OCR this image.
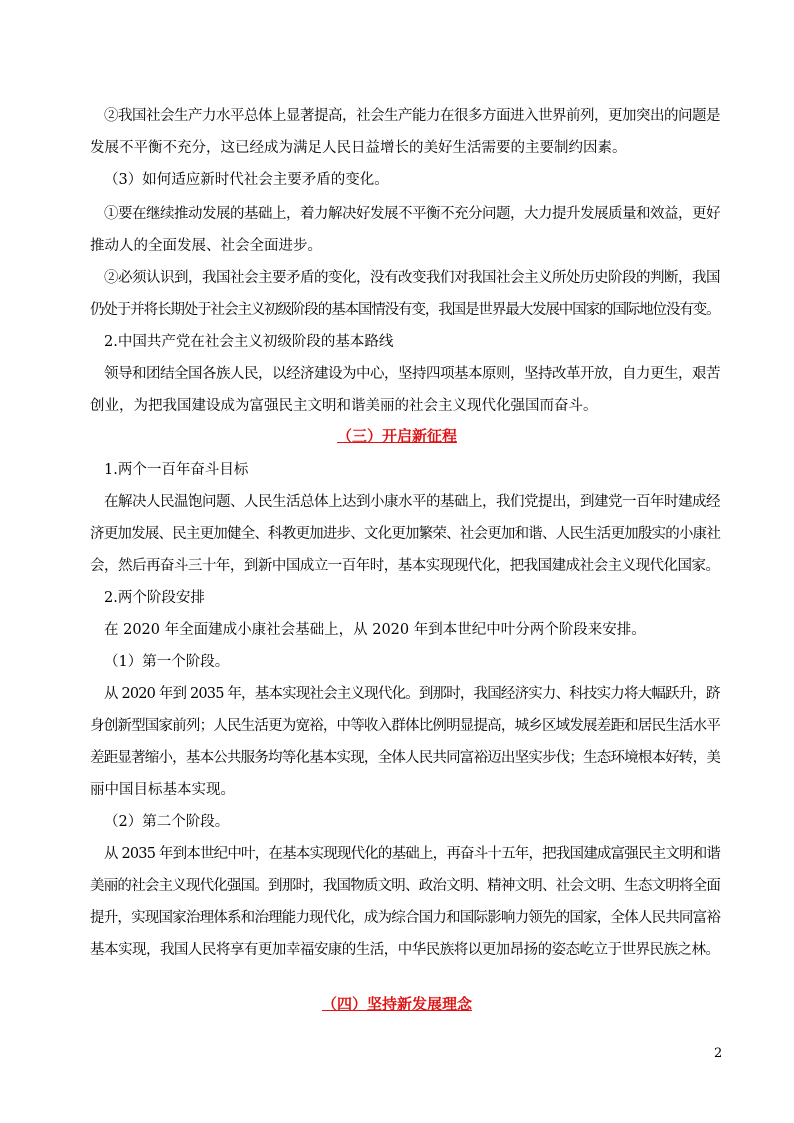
②我国社会生产力水平总体上显著提高，社会生产能力在很多方面进入世界前列，更加突出的问题是
发展不平衡不充分，这已经成为满足人民日益增长的美好生活需要的主要制约因素。
（3）如何适应新时代社会主要矛盾的变化。
①要在继续推动发展的基础上，着力解决好发展不平衡不充分问题，大力提升发展质量和效益，更好
推动人的全面发展、社会全面进步。
②必须认识到，我国社会主要矛盾的变化，没有改变我们对我国社会主义所处历史阶段的判断，我国
仍处于并将长期处于社会主义初级阶段的基本国情没有变，我国是世界最大发展中国家的国际地位没有变。
2.中国共产党在社会主义初级阶段的基本路线
领导和团结全国各族人民，以经济建设为中心，坚持四项基本原则，坚持改革开放，自力更生，艰苦
创业，为把我国建设成为富强民主文明和谐美丽的社会主义现代化强国而奋斗。
（三）开启新征程
1.两个一百年奋斗目标
在解决人民温饱问题、人民生活总体上达到小康水平的基础上，我们党提出，到建党一百年时建成经
济更加发展、民主更加健全、科教更加进步、文化更加繁荣、社会更加和谐、人民生活更加殷实的小康社
会，然后再奋斗三十年，到新中国成立一百年时，基本实现现代化，把我国建成社会主义现代化国家。
2.两个阶段安排
在 2020 年全面建成小康社会基础上，从 2020 年到本世纪中叶分两个阶段来安排。
（1）第一个阶段。
从 2020 年到 2035 年，基本实现社会主义现代化。到那时，我国经济实力、科技实力将大幅跃升，跻
身创新型国家前列；人民生活更为宽裕，中等收入群体比例明显提高，城乡区域发展差距和居民生活水平
差距显著缩小，基本公共服务均等化基本实现，全体人民共同富裕迈出坚实步伐；生态环境根本好转，美
丽中国目标基本实现。
（2）第二个阶段。
从 2035 年到本世纪中叶，在基本实现现代化的基础上，再奋斗十五年，把我国建成富强民主文明和谐
美丽的社会主义现代化强国。到那时，我国物质文明、政治文明、精神文明、社会文明、生态文明将全面
提升，实现国家治理体系和治理能力现代化，成为综合国力和国际影响力领先的国家，全体人民共同富裕
基本实现，我国人民将享有更加幸福安康的生活，中华民族将以更加昂扬的姿态屹立于世界民族之林。
（四）坚持新发展理念
2
